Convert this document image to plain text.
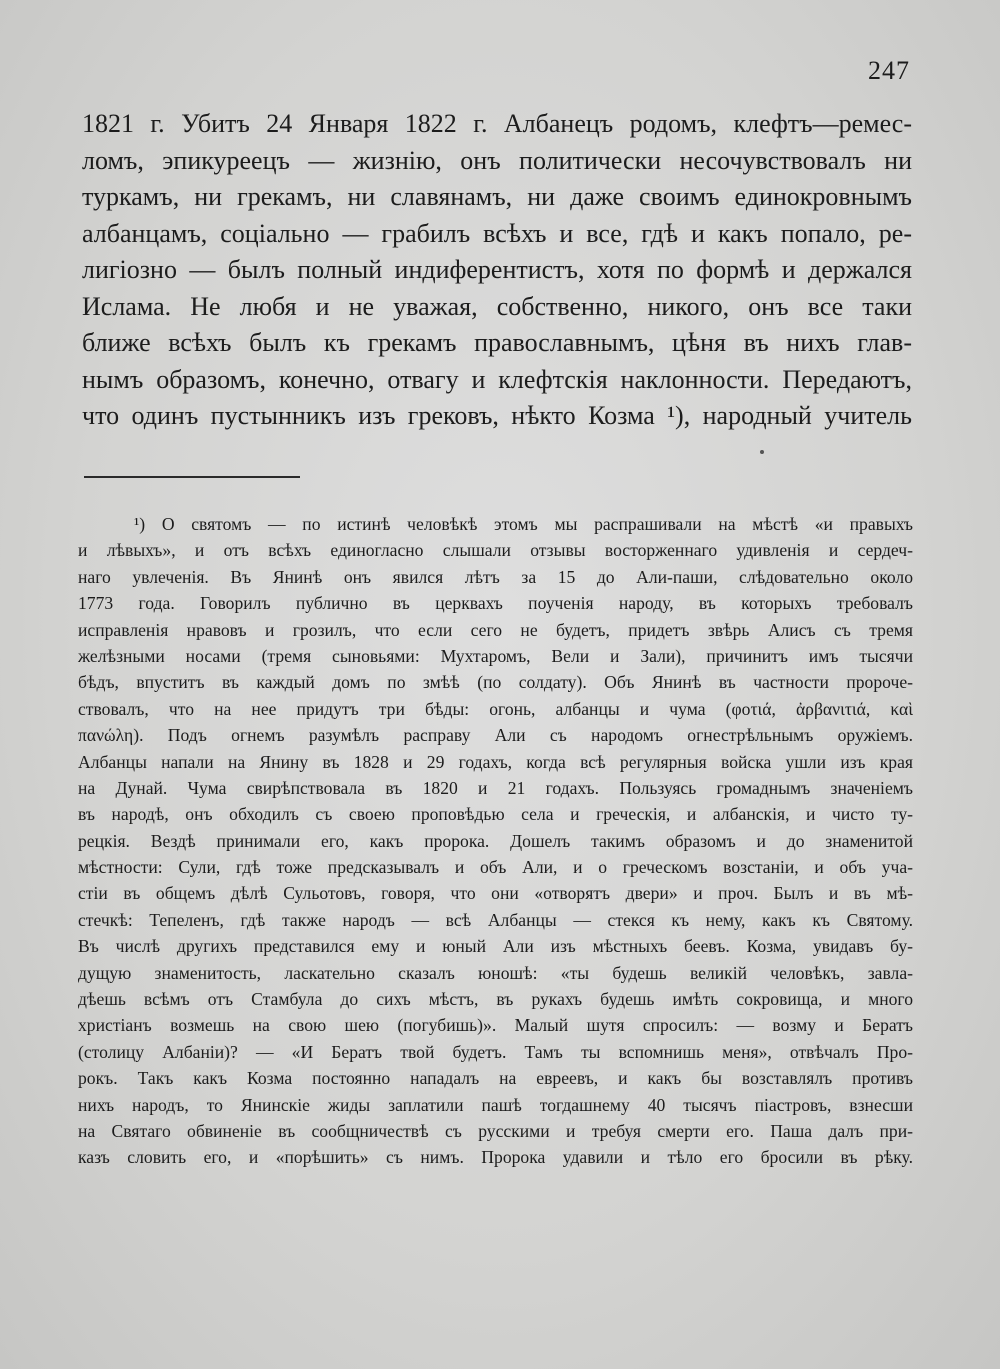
247
1821 г. Убитъ 24 Января 1822 г. Албанецъ родомъ, клефтъ—ремес-
ломъ, эпикуреецъ — жизнію, онъ политически несочувствовалъ ни
туркамъ, ни грекамъ, ни славянамъ, ни даже своимъ единокровнымъ
албанцамъ, соціально — грабилъ всѣхъ и все, гдѣ и какъ попало, ре-
лигіозно — былъ полный индиферентистъ, хотя по формѣ и держался
Ислама. Не любя и не уважая, собственно, никого, онъ все таки
ближе всѣхъ былъ къ грекамъ православнымъ, цѣня въ нихъ глав-
нымъ образомъ, конечно, отвагу и клефтскія наклонности. Передаютъ,
что одинъ пустынникъ изъ грековъ, нѣкто Козма ¹), народный учитель
¹) О святомъ — по истинѣ человѣкѣ этомъ мы распрашивали на мѣстѣ «и правыхъ
и лѣвыхъ», и отъ всѣхъ единогласно слышали отзывы восторженнаго удивленія и сердеч-
наго увлеченія. Въ Янинѣ онъ явился лѣтъ за 15 до Али-паши, слѣдовательно около
1773 года. Говорилъ публично въ церквахъ поученія народу, въ которыхъ требовалъ
исправленія нравовъ и грозилъ, что если сего не будетъ, придетъ звѣрь Алисъ съ тремя
желѣзными носами (тремя сыновьями: Мухтаромъ, Вели и Зали), причинитъ имъ тысячи
бѣдъ, впуститъ въ каждый домъ по змѣѣ (по солдату). Объ Янинѣ въ частности пророче-
ствовалъ, что на нее придутъ три бѣды: огонь, албанцы и чума (φοτιά, ἀρβανιτιά, καὶ
πανώλη). Подъ огнемъ разумѣлъ расправу Али съ народомъ огнестрѣльнымъ оружіемъ.
Албанцы напали на Янину въ 1828 и 29 годахъ, когда всѣ регулярныя войска ушли изъ края
на Дунай. Чума свирѣпствовала въ 1820 и 21 годахъ. Пользуясь громаднымъ значеніемъ
въ народѣ, онъ обходилъ съ своею проповѣдью села и греческія, и албанскія, и чисто ту-
рецкія. Вездѣ принимали его, какъ пророка. Дошелъ такимъ образомъ и до знаменитой
мѣстности: Сули, гдѣ тоже предсказывалъ и объ Али, и о греческомъ возстаніи, и объ уча-
стіи въ общемъ дѣлѣ Сульотовъ, говоря, что они «отворятъ двери» и проч. Былъ и въ мѣ-
стечкѣ: Тепеленъ, гдѣ также народъ — всѣ Албанцы — стекся къ нему, какъ къ Святому.
Въ числѣ другихъ представился ему и юный Али изъ мѣстныхъ беевъ. Козма, увидавъ бу-
дущую знаменитость, ласкательно сказалъ юношѣ: «ты будешь великій человѣкъ, завла-
дѣешь всѣмъ отъ Стамбула до сихъ мѣстъ, въ рукахъ будешь имѣть сокровища, и много
христіанъ возмешь на свою шею (погубишь)». Малый шутя спросилъ: — возму и Бератъ
(столицу Албаніи)? — «И Бератъ твой будетъ. Тамъ ты вспомнишь меня», отвѣчалъ Про-
рокъ. Такъ какъ Козма постоянно нападалъ на евреевъ, и какъ бы возставлялъ противъ
нихъ народъ, то Янинскіе жиды заплатили пашѣ тогдашнему 40 тысячъ піастровъ, взнесши
на Святаго обвиненіе въ сообщничествѣ съ русскими и требуя смерти его. Паша далъ при-
казъ словить его, и «порѣшить» съ нимъ. Пророка удавили и тѣло его бросили въ рѣку.
